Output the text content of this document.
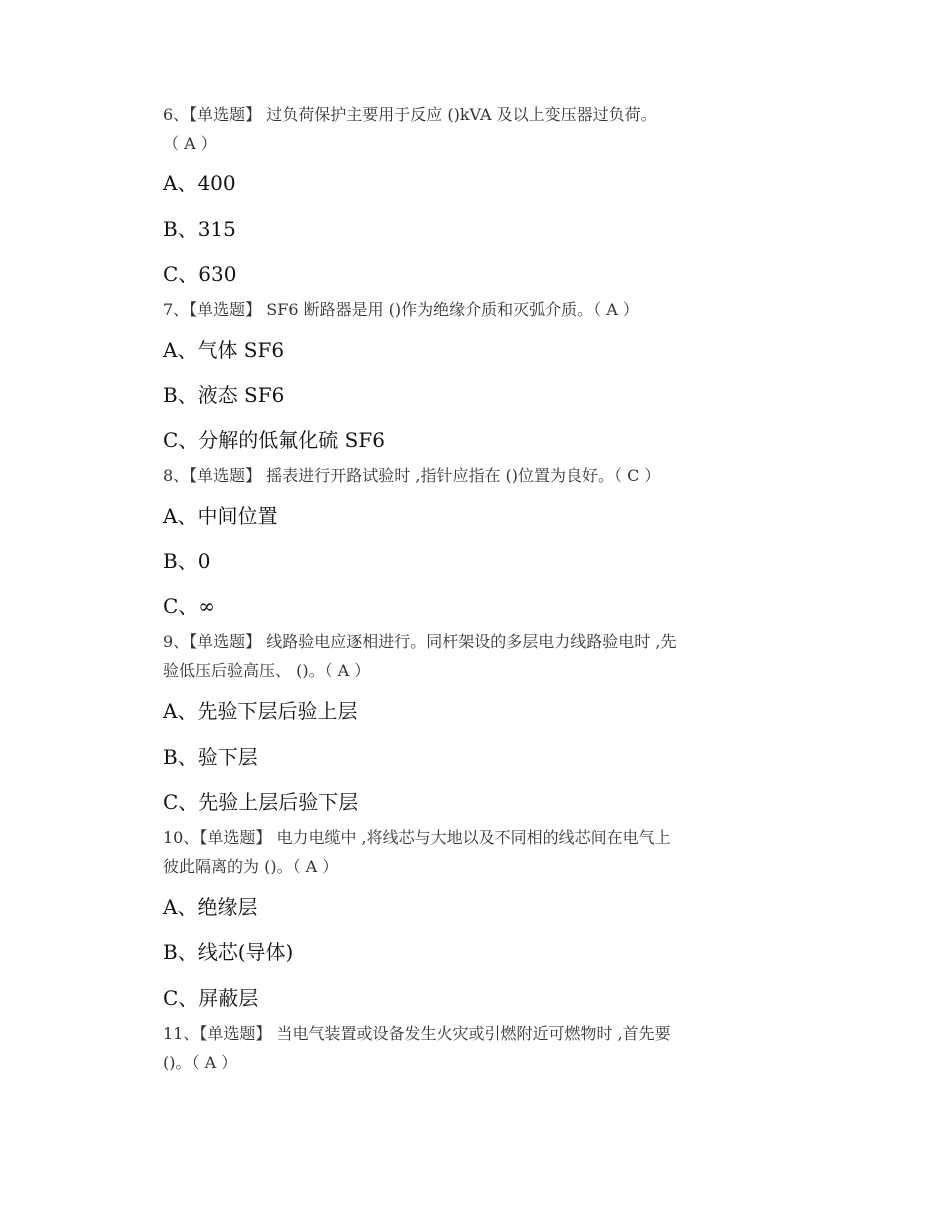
6、【单选题】 过负荷保护主要用于反应 ()kVA 及以上变压器过负荷。
（ A ）
A、400
B、315
C、630
7、【单选题】 SF6 断路器是用 ()作为绝缘介质和灭弧介质。（ A ）
A、气体 SF6
B、液态 SF6
C、分解的低氟化硫 SF6
8、【单选题】 摇表进行开路试验时 ,指针应指在 ()位置为良好。（ C ）
A、中间位置
B、0
C、∞
9、【单选题】 线路验电应逐相进行。同杆架设的多层电力线路验电时 ,先
验低压后验高压、 ()。（ A ）
A、先验下层后验上层
B、验下层
C、先验上层后验下层
10、【单选题】 电力电缆中 ,将线芯与大地以及不同相的线芯间在电气上
彼此隔离的为 ()。（ A ）
A、绝缘层
B、线芯(导体)
C、屏蔽层
11、【单选题】 当电气装置或设备发生火灾或引燃附近可燃物时 ,首先要
()。（ A ）
